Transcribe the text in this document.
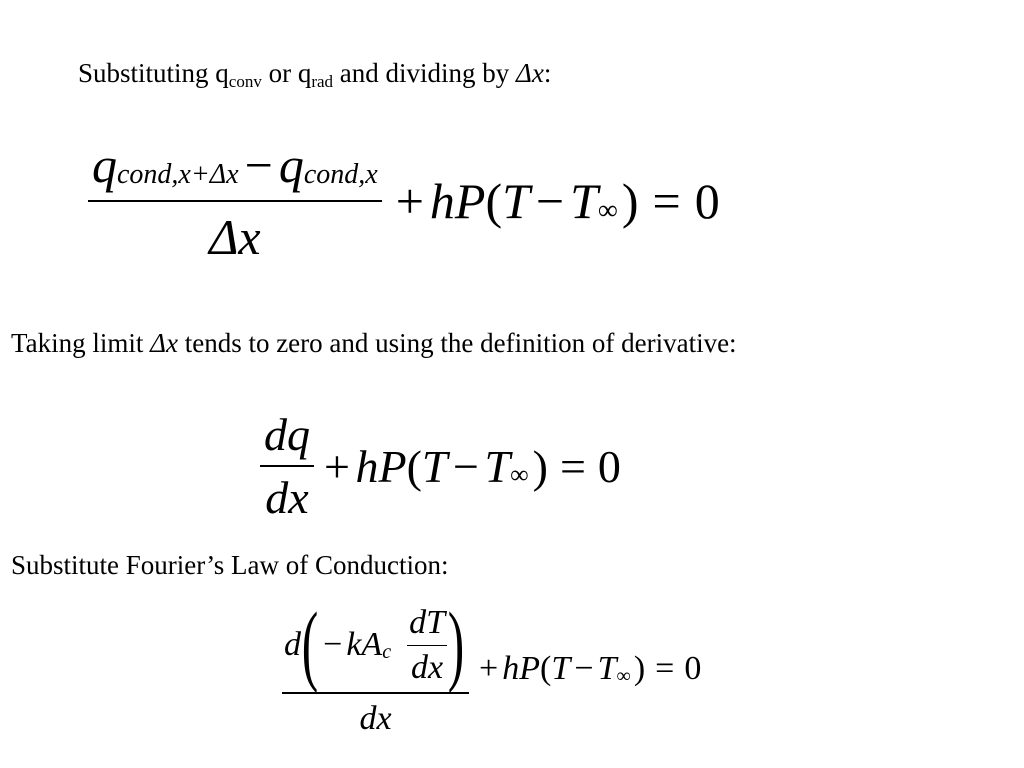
Substituting $q_{conv}$ or $q_{rad}$ and dividing by Δx:
$\frac{\text{q cond,x+Δx − q cond,x}}{\Delta x}$ + hP ( T − T ∞ ) = 0
Taking limit Δx tends to zero and using the definition of derivative:
$\frac{dq}{dx}$ + hP ( T − T ∞ ) = 0
Substitute Fourier’s Law of Conduction:
d ( − kA c $\frac{dT}{dx}$ )
dx
+ hP ( T − T ∞ ) = 0
